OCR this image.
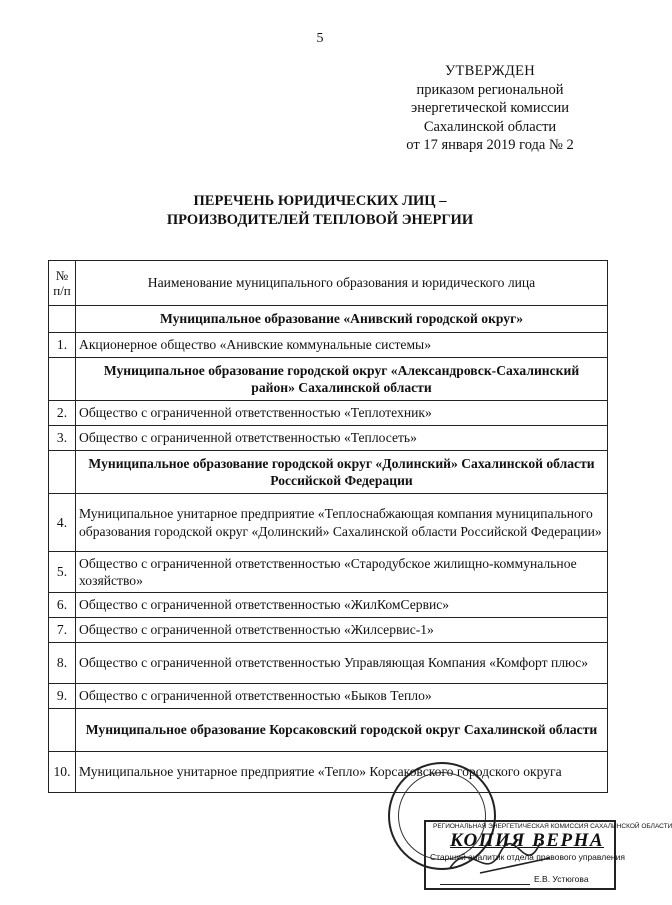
5
УТВЕРЖДЕН
приказом региональной
энергетической комиссии
Сахалинской области
от 17 января 2019 года № 2
ПЕРЕЧЕНЬ ЮРИДИЧЕСКИХ ЛИЦ –
ПРОИЗВОДИТЕЛЕЙ ТЕПЛОВОЙ ЭНЕРГИИ
№ п/п	Наименование муниципального образования и юридического лица
	Муниципальное образование «Анивский городской округ»
1.	Акционерное общество «Анивские коммунальные системы»
	Муниципальное образование городской округ «Александровск-Сахалинский район» Сахалинской области
2.	Общество с ограниченной ответственностью «Теплотехник»
3.	Общество с ограниченной ответственностью «Теплосеть»
	Муниципальное образование городской округ «Долинский» Сахалинской области Российской Федерации
4.	Муниципальное унитарное предприятие «Теплоснабжающая компания муниципального образования городской округ «Долинский» Сахалинской области Российской Федерации»
5.	Общество с ограниченной ответственностью «Стародубское жилищно-коммунальное хозяйство»
6.	Общество с ограниченной ответственностью «ЖилКомСервис»
7.	Общество с ограниченной ответственностью «Жилсервис-1»
8.	Общество с ограниченной ответственностью Управляющая Компания «Комфорт плюс»
9.	Общество с ограниченной ответственностью «Быков Тепло»
	Муниципальное образование Корсаковский городской округ Сахалинской области
10.	Муниципальное унитарное предприятие «Тепло» Корсаковского городского округа
РЕГИОНАЛЬНАЯ ЭНЕРГЕТИЧЕСКАЯ КОМИССИЯ САХАЛИНСКОЙ ОБЛАСТИ
КОПИЯ ВЕРНА
Старший аналитик отдела правового управления
Е.В. Устюгова
